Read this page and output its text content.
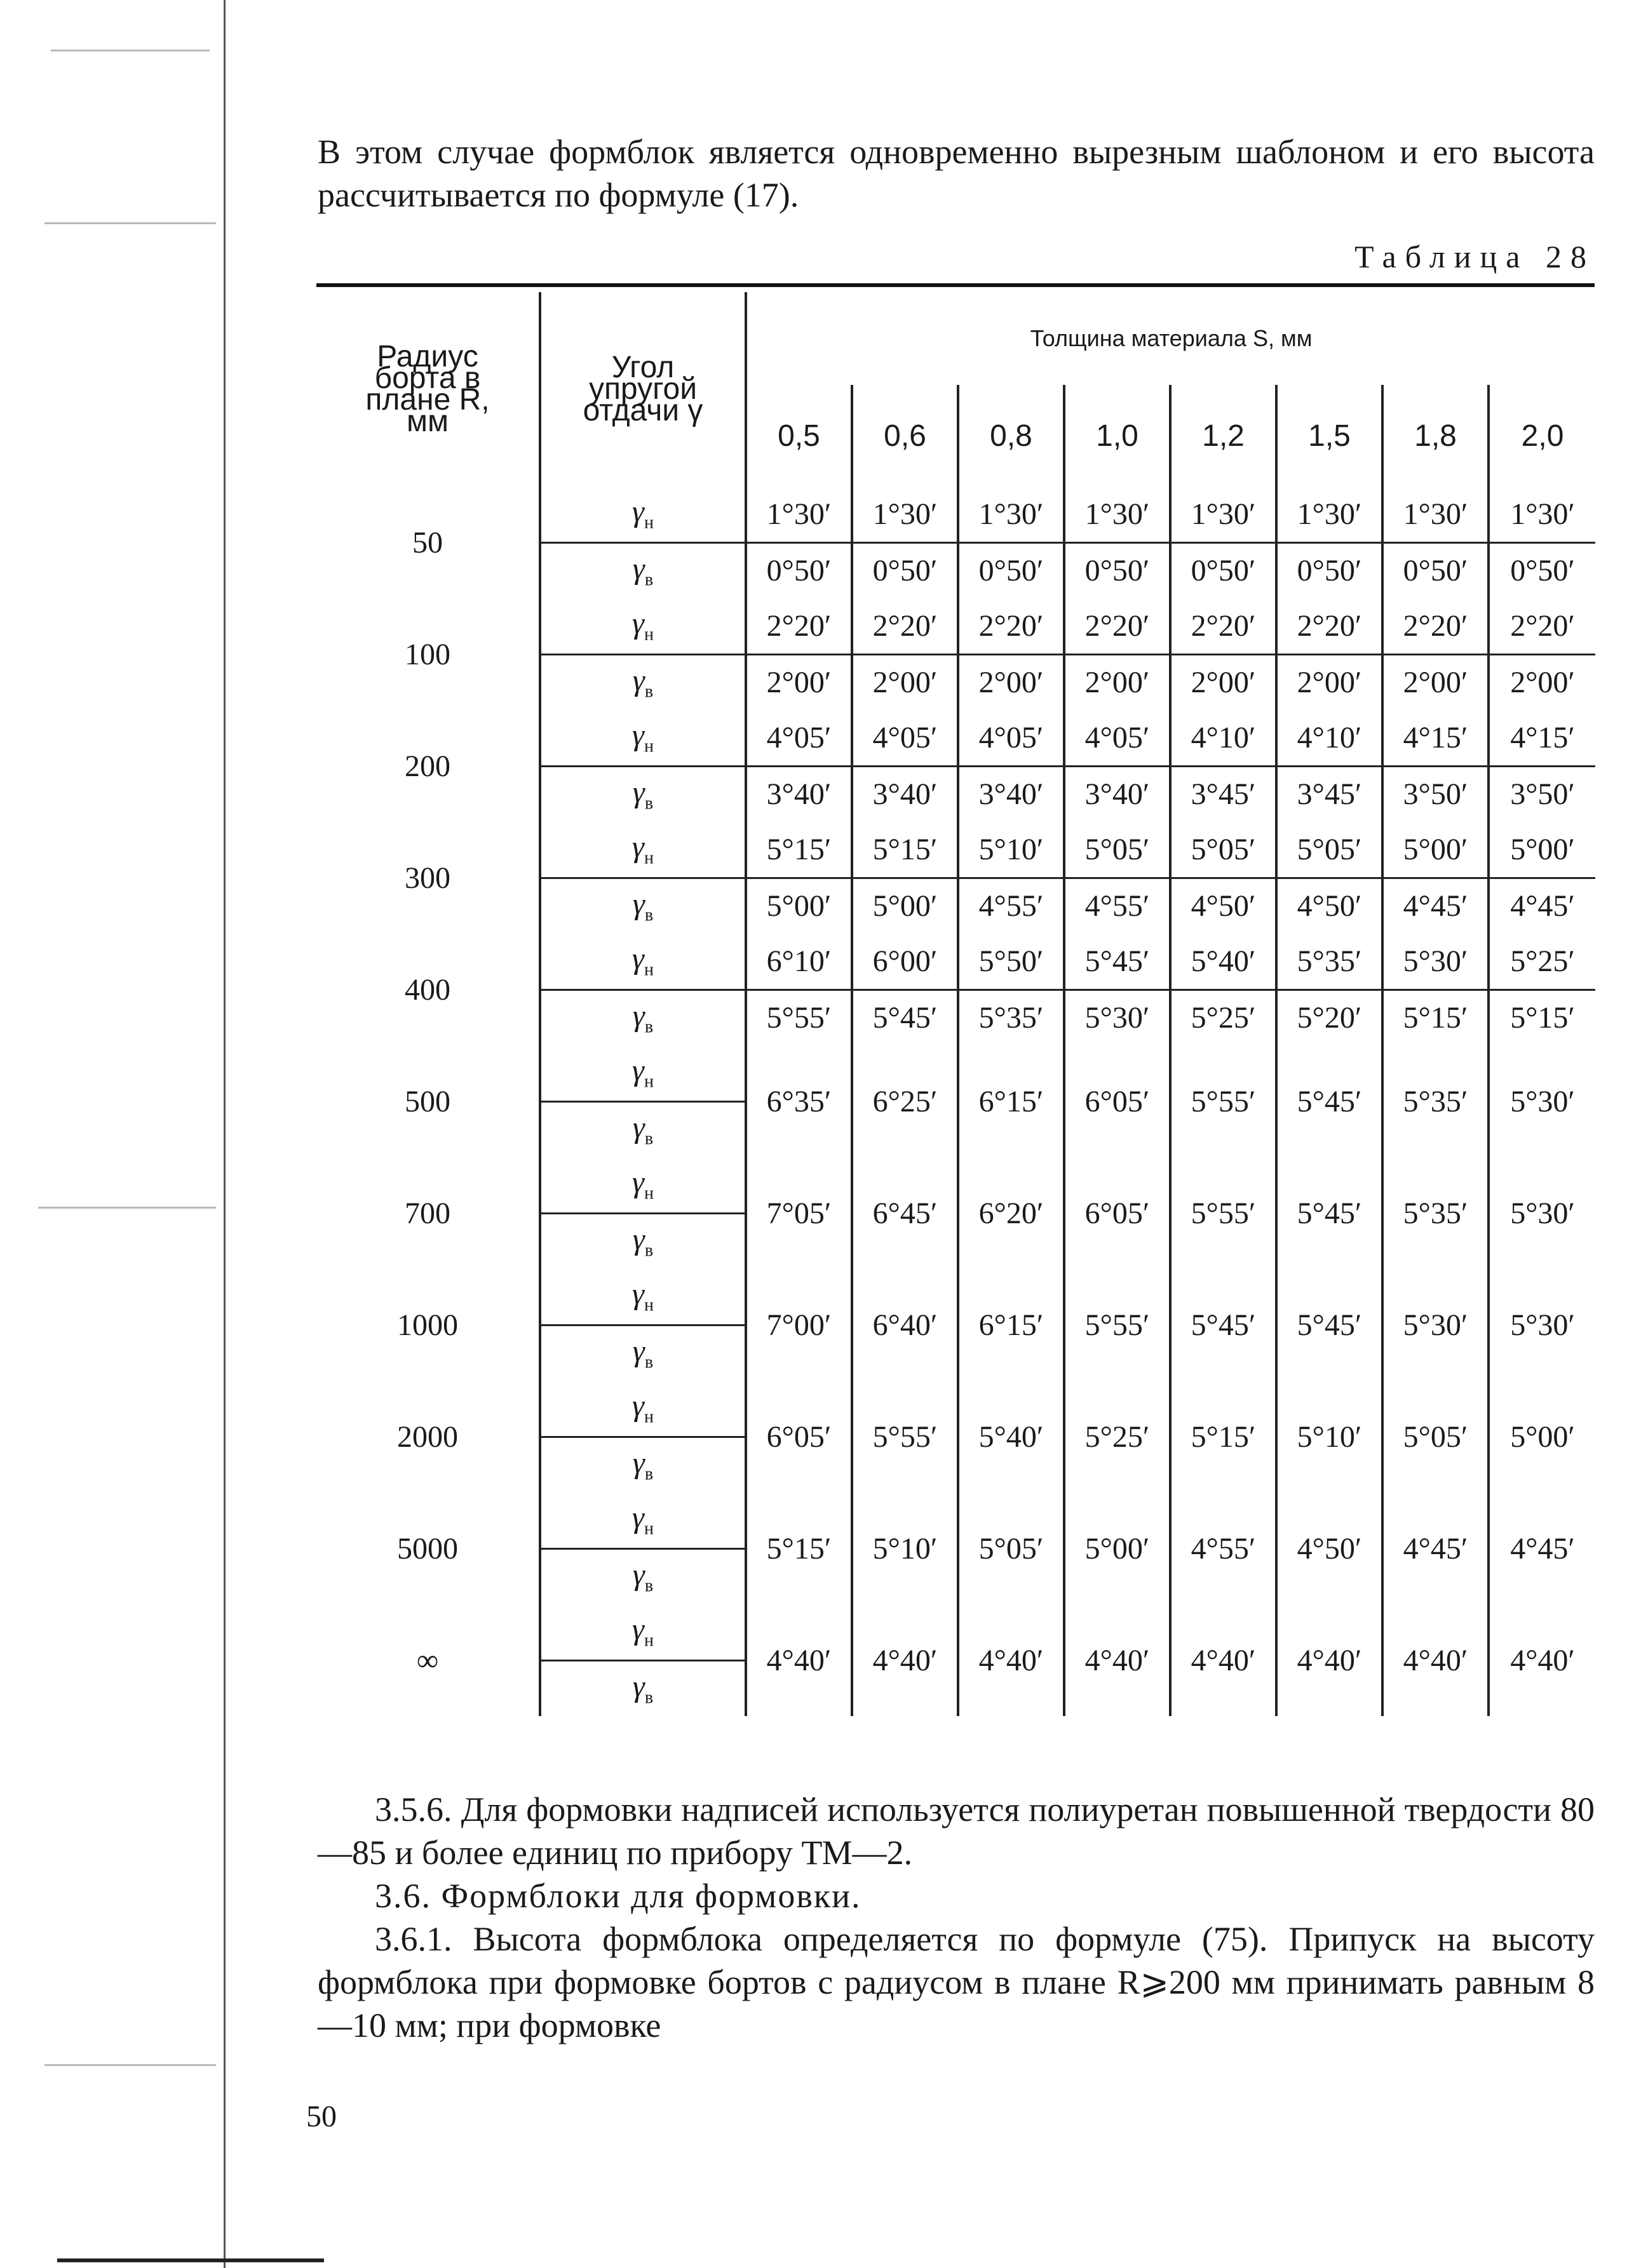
В этом случае формблок является одновременно вырезным шаблоном и его высота рассчитывается по формуле (17).

Таблица 28

Радиус борта в плане R, мм	Угол упругой отдачи γ	Толщина материала S, мм							
		0,5	0,6	0,8	1,0	1,2	1,5	1,8	2,0
50	$\gamma_н$	1°30′	1°30′	1°30′	1°30′	1°30′	1°30′	1°30′	1°30′
	$\gamma_в$	0°50′	0°50′	0°50′	0°50′	0°50′	0°50′	0°50′	0°50′
100	$\gamma_н$	2°20′	2°20′	2°20′	2°20′	2°20′	2°20′	2°20′	2°20′
	$\gamma_в$	2°00′	2°00′	2°00′	2°00′	2°00′	2°00′	2°00′	2°00′
200	$\gamma_н$	4°05′	4°05′	4°05′	4°05′	4°10′	4°10′	4°15′	4°15′
	$\gamma_в$	3°40′	3°40′	3°40′	3°40′	3°45′	3°45′	3°50′	3°50′
300	$\gamma_н$	5°15′	5°15′	5°10′	5°05′	5°05′	5°05′	5°00′	5°00′
	$\gamma_в$	5°00′	5°00′	4°55′	4°55′	4°50′	4°50′	4°45′	4°45′
400	$\gamma_н$	6°10′	6°00′	5°50′	5°45′	5°40′	5°35′	5°30′	5°25′
	$\gamma_в$	5°55′	5°45′	5°35′	5°30′	5°25′	5°20′	5°15′	5°15′
500	$\gamma_н$	6°35′	6°25′	6°15′	6°05′	5°55′	5°45′	5°35′	5°30′
	$\gamma_в$
700	$\gamma_н$	7°05′	6°45′	6°20′	6°05′	5°55′	5°45′	5°35′	5°30′
	$\gamma_в$
1000	$\gamma_н$	7°00′	6°40′	6°15′	5°55′	5°45′	5°45′	5°30′	5°30′
	$\gamma_в$
2000	$\gamma_н$	6°05′	5°55′	5°40′	5°25′	5°15′	5°10′	5°05′	5°00′
	$\gamma_в$
5000	$\gamma_н$	5°15′	5°10′	5°05′	5°00′	4°55′	4°50′	4°45′	4°45′
	$\gamma_в$
∞	$\gamma_н$	4°40′	4°40′	4°40′	4°40′	4°40′	4°40′	4°40′	4°40′
	$\gamma_в$

3.5.6. Для формовки надписей используется полиуретан повышенной твердости 80—85 и более единиц по прибору ТМ—2.

3.6. Формблоки для формовки.

3.6.1. Высота формблока определяется по формуле (75). Припуск на высоту формблока при формовке бортов с радиусом в плане R⩾200 мм принимать равным 8—10 мм; при формовке

50
